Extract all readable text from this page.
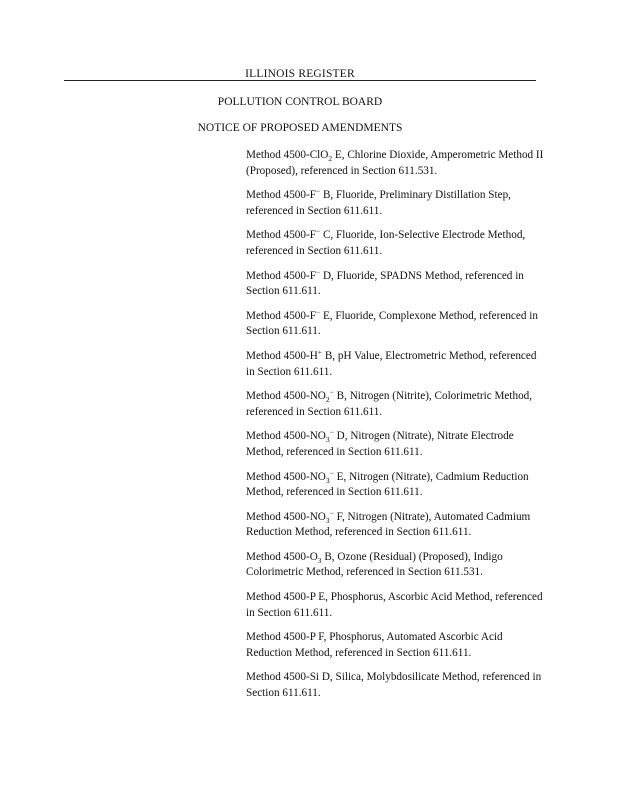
ILLINOIS REGISTER
POLLUTION CONTROL BOARD
NOTICE OF PROPOSED AMENDMENTS
Method 4500-ClO$_2$ E, Chlorine Dioxide, Amperometric Method II (Proposed), referenced in Section 611.531.
Method 4500-F− B, Fluoride, Preliminary Distillation Step, referenced in Section 611.611.
Method 4500-F− C, Fluoride, Ion-Selective Electrode Method, referenced in Section 611.611.
Method 4500-F− D, Fluoride, SPADNS Method, referenced in Section 611.611.
Method 4500-F− E, Fluoride, Complexone Method, referenced in Section 611.611.
Method 4500-H+ B, pH Value, Electrometric Method, referenced in Section 611.611.
Method $4500-NO_2^-$ B, Nitrogen (Nitrite), Colorimetric Method, referenced in Section 611.611.
Method $4500-NO_3^-$ D, Nitrogen (Nitrate), Nitrate Electrode Method, referenced in Section 611.611.
Method $4500-NO_3^-$ E, Nitrogen (Nitrate), Cadmium Reduction Method, referenced in Section 611.611.
Method $4500-NO_3^-$ F, Nitrogen (Nitrate), Automated Cadmium Reduction Method, referenced in Section 611.611.
Method $4500-O_3$ B, Ozone (Residual) (Proposed), Indigo Colorimetric Method, referenced in Section 611.531.
Method 4500-P E, Phosphorus, Ascorbic Acid Method, referenced in Section 611.611.
Method 4500-P F, Phosphorus, Automated Ascorbic Acid Reduction Method, referenced in Section 611.611.
Method 4500-Si D, Silica, Molybdosilicate Method, referenced in Section 611.611.
